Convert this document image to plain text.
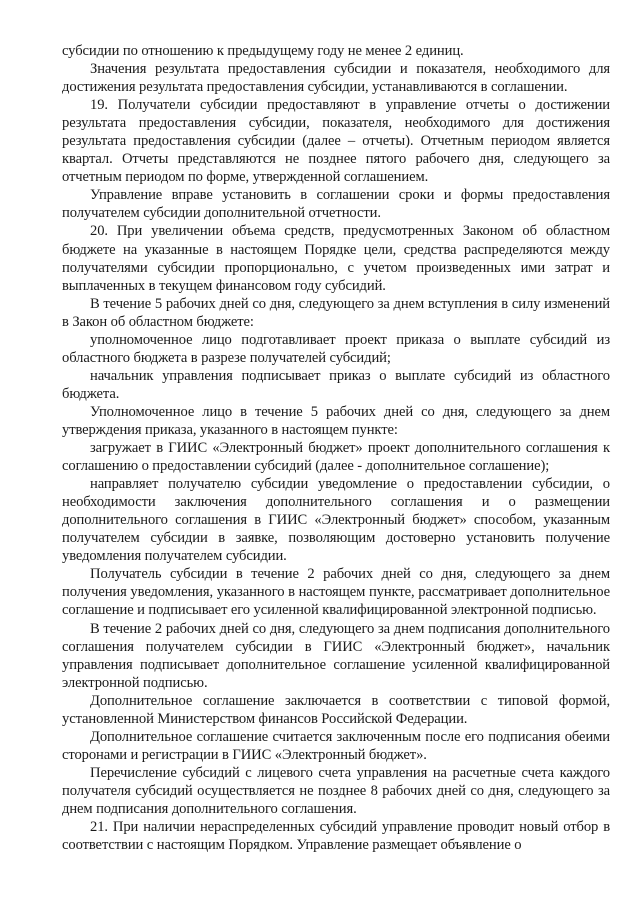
субсидии по отношению к предыдущему году не менее 2 единиц.

Значения результата предоставления субсидии и показателя, необходимого для достижения результата предоставления субсидии, устанавливаются в соглашении.

19. Получатели субсидии предоставляют в управление отчеты о достижении результата предоставления субсидии, показателя, необходимого для достижения результата предоставления субсидии (далее – отчеты). Отчетным периодом является квартал. Отчеты представляются не позднее пятого рабочего дня, следующего за отчетным периодом по форме, утвержденной соглашением.

Управление вправе установить в соглашении сроки и формы предоставления получателем субсидии дополнительной отчетности.

20. При увеличении объема средств, предусмотренных Законом об областном бюджете на указанные в настоящем Порядке цели, средства распределяются между получателями субсидии пропорционально, с учетом произведенных ими затрат и выплаченных в текущем финансовом году субсидий.

В течение 5 рабочих дней со дня, следующего за днем вступления в силу изменений в Закон об областном бюджете:

уполномоченное лицо подготавливает проект приказа о выплате субсидий из областного бюджета в разрезе получателей субсидий;

начальник управления подписывает приказ о выплате субсидий из областного бюджета.

Уполномоченное лицо в течение 5 рабочих дней со дня, следующего за днем утверждения приказа, указанного в настоящем пункте:

загружает в ГИИС «Электронный бюджет» проект дополнительного соглашения к соглашению о предоставлении субсидий (далее - дополнительное соглашение);

направляет получателю субсидии уведомление о предоставлении субсидии, о необходимости заключения дополнительного соглашения и о размещении дополнительного соглашения в ГИИС «Электронный бюджет» способом, указанным получателем субсидии в заявке, позволяющим достоверно установить получение уведомления получателем субсидии.

Получатель субсидии в течение 2 рабочих дней со дня, следующего за днем получения уведомления, указанного в настоящем пункте, рассматривает дополнительное соглашение и подписывает его усиленной квалифицированной электронной подписью.

В течение 2 рабочих дней со дня, следующего за днем подписания дополнительного соглашения получателем субсидии в ГИИС «Электронный бюджет», начальник управления подписывает дополнительное соглашение усиленной квалифицированной электронной подписью.

Дополнительное соглашение заключается в соответствии с типовой формой, установленной Министерством финансов Российской Федерации.

Дополнительное соглашение считается заключенным после его подписания обеими сторонами и регистрации в ГИИС «Электронный бюджет».

Перечисление субсидий с лицевого счета управления на расчетные счета каждого получателя субсидий осуществляется не позднее 8 рабочих дней со дня, следующего за днем подписания дополнительного соглашения.

21. При наличии нераспределенных субсидий управление проводит новый отбор в соответствии с настоящим Порядком. Управление размещает объявление о
